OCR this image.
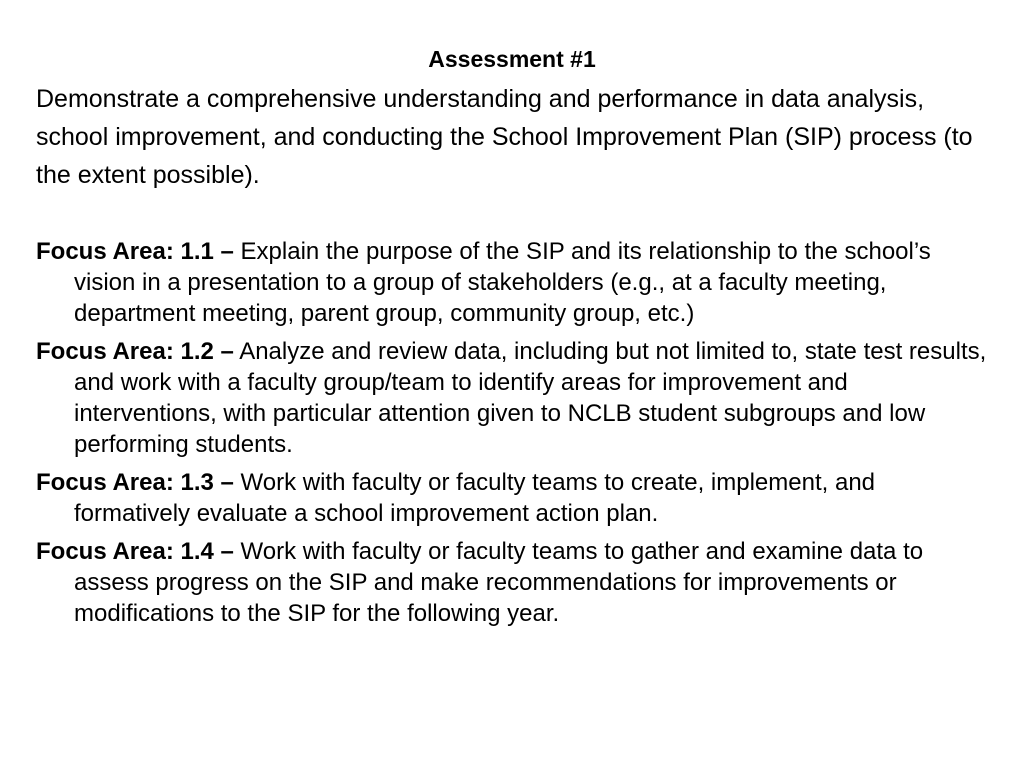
Assessment #1

Demonstrate a comprehensive understanding and performance in data analysis, school improvement, and conducting the School Improvement Plan (SIP) process (to the extent possible).

Focus Area: 1.1 – Explain the purpose of the SIP and its relationship to the school’s vision in a presentation to a group of stakeholders (e.g., at a faculty meeting, department meeting, parent group, community group, etc.)
Focus Area: 1.2 – Analyze and review data, including but not limited to, state test results, and work with a faculty group/team to identify areas for improvement and interventions, with particular attention given to NCLB student subgroups and low performing students.
Focus Area: 1.3 – Work with faculty or faculty teams to create, implement, and formatively evaluate a school improvement action plan.
Focus Area: 1.4 – Work with faculty or faculty teams to gather and examine data to assess progress on the SIP and make recommendations for improvements or modifications to the SIP for the following year.
